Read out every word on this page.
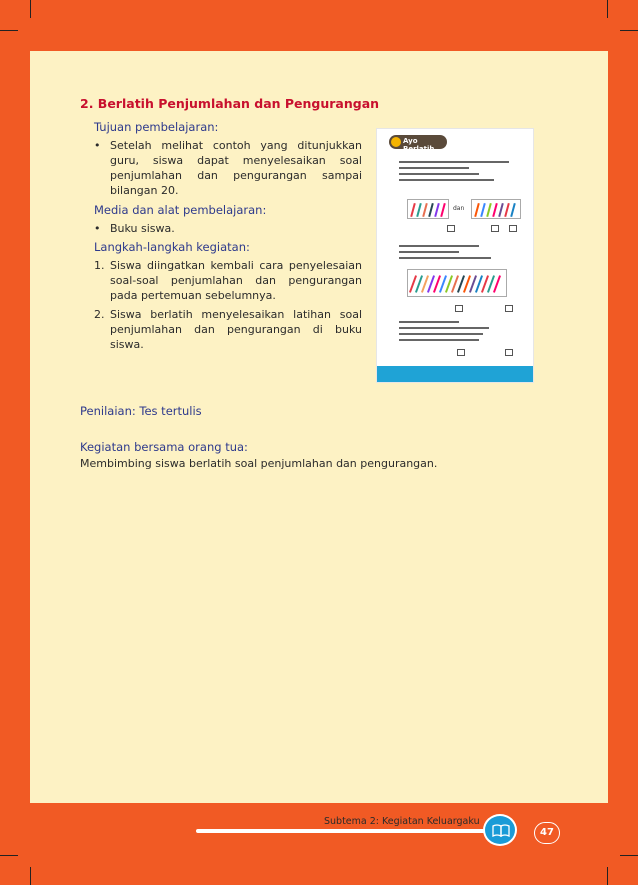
2. Berlatih Penjumlahan dan Pengurangan
Tujuan pembelajaran:
• Setelah melihat contoh yang ditunjukkan guru, siswa dapat menyelesaikan soal penjumlahan dan pengurangan sampai bilangan 20.
Media dan alat pembelajaran:
• Buku siswa.
Langkah-langkah kegiatan:
1. Siswa diingatkan kembali cara penyelesaian soal-soal penjumlahan dan pengurangan pada pertemuan sebelumnya.
2. Siswa berlatih menyelesaikan latihan soal penjumlahan dan pengurangan di buku siswa.
Ayo Berlatih
dan
Penilaian: Tes tertulis
Kegiatan bersama orang tua:
Membimbing siswa berlatih soal penjumlahan dan pengurangan.
Subtema 2: Kegiatan Keluargaku
47
